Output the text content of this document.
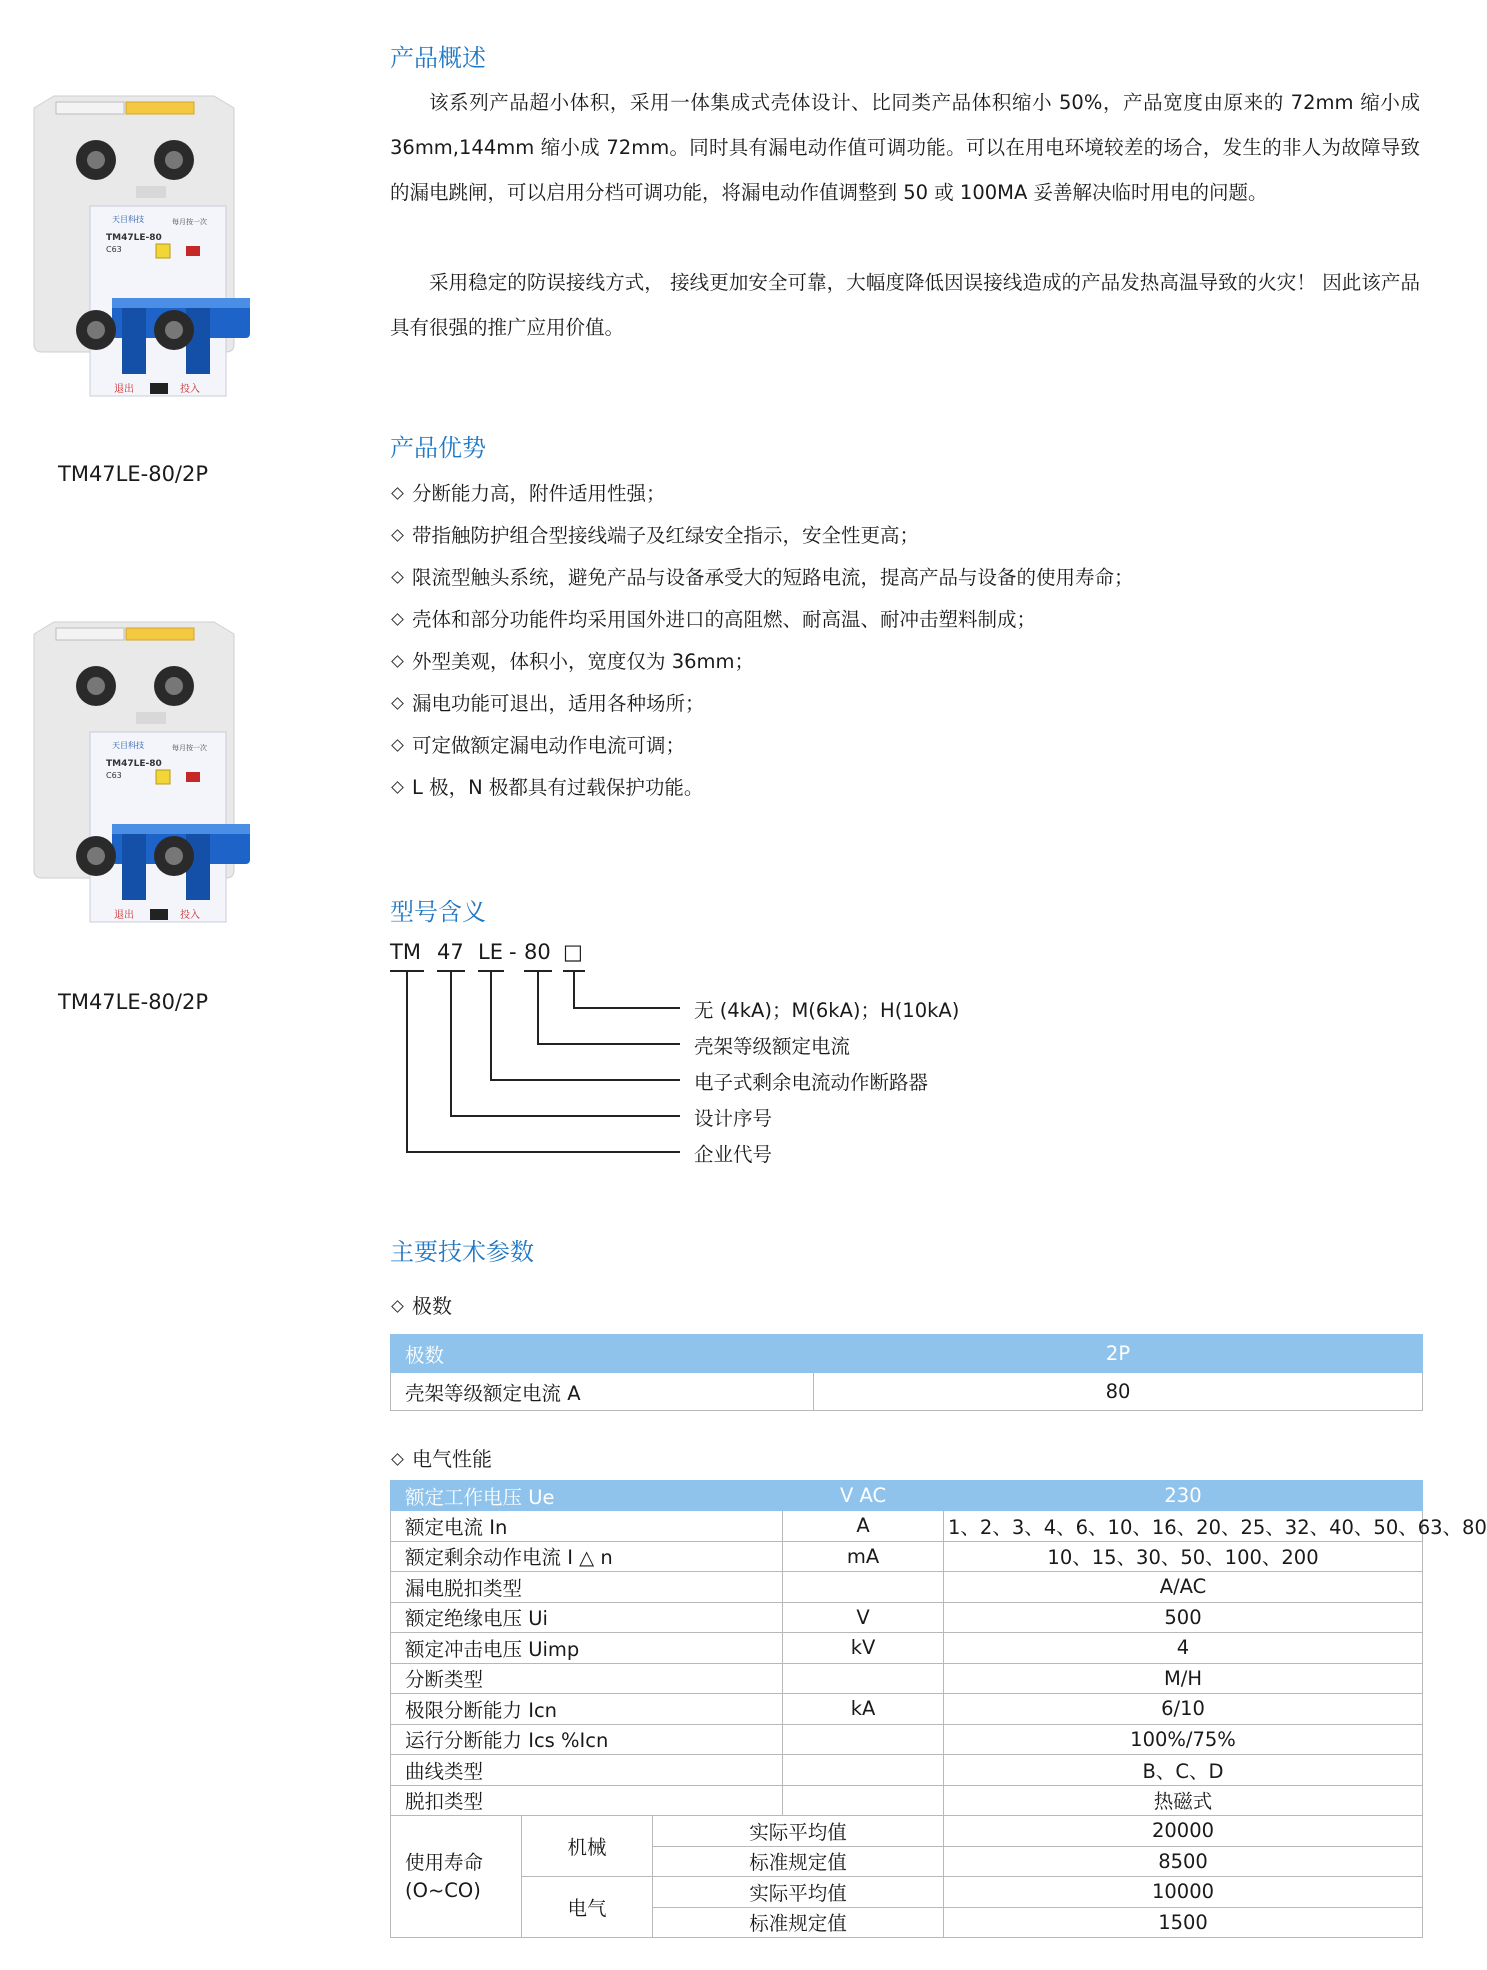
天目科技
TM47LE-80
C63
每月按一次
退出	投入
TM47LE-80/2P
天目科技
TM47LE-80
C63
每月按一次
退出	投入
TM47LE-80/2P
产品概述
该系列产品超小体积，采用一体集成式壳体设计、比同类产品体积缩小 50%，产品宽度由原来的 72mm 缩小成 36mm,144mm 缩小成 72mm。同时具有漏电动作值可调功能。可以在用电环境较差的场合，发生的非人为故障导致的漏电跳闸，可以启用分档可调功能，将漏电动作值调整到 50 或 100MA 妥善解决临时用电的问题。
采用稳定的防误接线方式， 接线更加安全可靠，大幅度降低因误接线造成的产品发热高温导致的火灾！ 因此该产品具有很强的推广应用价值。
产品优势
分断能力高，附件适用性强；
带指触防护组合型接线端子及红绿安全指示，安全性更高；
限流型触头系统，避免产品与设备承受大的短路电流，提高产品与设备的使用寿命；
壳体和部分功能件均采用国外进口的高阻燃、耐高温、耐冲击塑料制成；
外型美观，体积小，宽度仅为 36mm；
漏电功能可退出，适用各种场所；
可定做额定漏电动作电流可调；
L 极，N 极都具有过载保护功能。
型号含义
TM 47 LE - 80 □
无 (4kA)；M(6kA)；H(10kA)
壳架等级额定电流
电子式剩余电流动作断路器
设计序号
企业代号
主要技术参数
极数
极数	2P
壳架等级额定电流 A	80
电气性能
额定工作电压 Ue			V AC	230
额定电流 In			A	1、2、3、4、6、10、16、20、25、32、40、50、63、80
额定剩余动作电流 I △ n			mA	10、15、30、50、100、200
漏电脱扣类型				A/AC
额定绝缘电压 Ui			V	500
额定冲击电压 Uimp			kV	4
分断类型				M/H
极限分断能力 Icn			kA	6/10
运行分断能力 Ics %Icn				100%/75%
曲线类型				B、C、D
脱扣类型				热磁式
使用寿命
(O~CO)	机械	实际平均值		20000
		标准规定值		8500
	电气	实际平均值		10000
		标准规定值		1500
